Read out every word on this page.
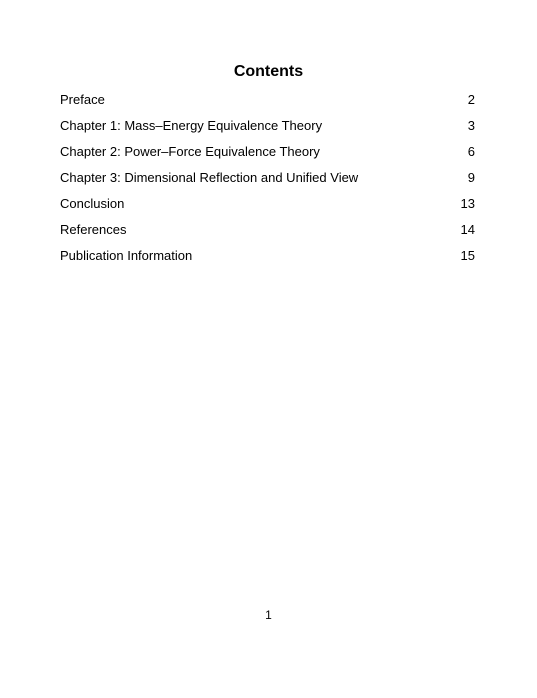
Contents
Preface	2
Chapter 1: Mass–Energy Equivalence Theory	3
Chapter 2: Power–Force Equivalence Theory	6
Chapter 3: Dimensional Reflection and Unified View	9
Conclusion	13
References	14
Publication Information	15
1
